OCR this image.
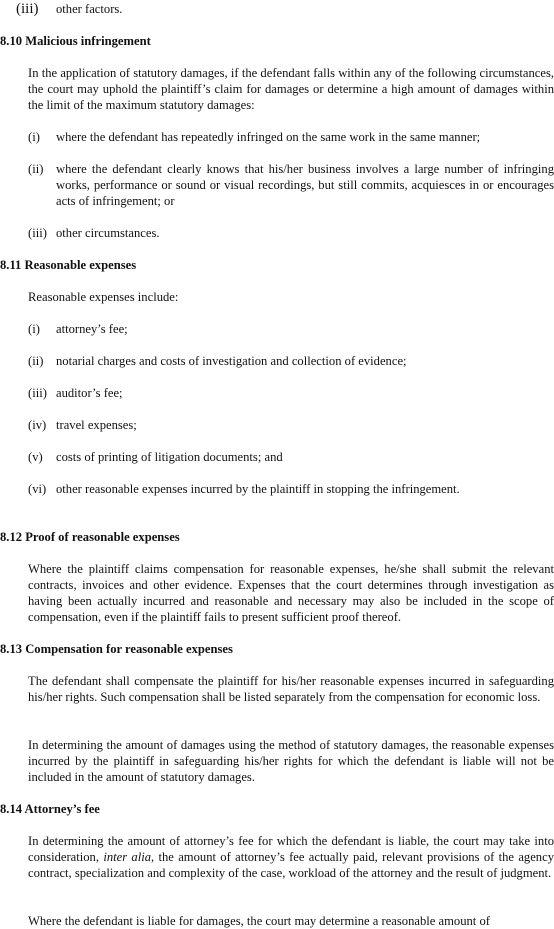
(iii) other factors.
8.10 Malicious infringement
In the application of statutory damages, if the defendant falls within any of the following circumstances, the court may uphold the plaintiff’s claim for damages or determine a high amount of damages within the limit of the maximum statutory damages:
(i)	where the defendant has repeatedly infringed on the same work in the same manner;
(ii)	where the defendant clearly knows that his/her business involves a large number of infringing works, performance or sound or visual recordings, but still commits, acquiesces in or encourages acts of infringement; or
(iii) other circumstances.
8.11 Reasonable expenses
Reasonable expenses include:
(i)	attorney’s fee;
(ii)	notarial charges and costs of investigation and collection of evidence;
(iii) auditor’s fee;
(iv) travel expenses;
(v)	costs of printing of litigation documents; and
(vi) other reasonable expenses incurred by the plaintiff in stopping the infringement.
8.12 Proof of reasonable expenses
Where the plaintiff claims compensation for reasonable expenses, he/she shall submit the relevant contracts, invoices and other evidence. Expenses that the court determines through investigation as having been actually incurred and reasonable and necessary may also be included in the scope of compensation, even if the plaintiff fails to present sufficient proof thereof.
8.13 Compensation for reasonable expenses
The defendant shall compensate the plaintiff for his/her reasonable expenses incurred in safeguarding his/her rights. Such compensation shall be listed separately from the compensation for economic loss.
In determining the amount of damages using the method of statutory damages, the reasonable expenses incurred by the plaintiff in safeguarding his/her rights for which the defendant is liable will not be included in the amount of statutory damages.
8.14 Attorney’s fee
In determining the amount of attorney’s fee for which the defendant is liable, the court may take into consideration, inter alia, the amount of attorney’s fee actually paid, relevant provisions of the agency contract, specialization and complexity of the case, workload of the attorney and the result of judgment.
Where the defendant is liable for damages, the court may determine a reasonable amount of
